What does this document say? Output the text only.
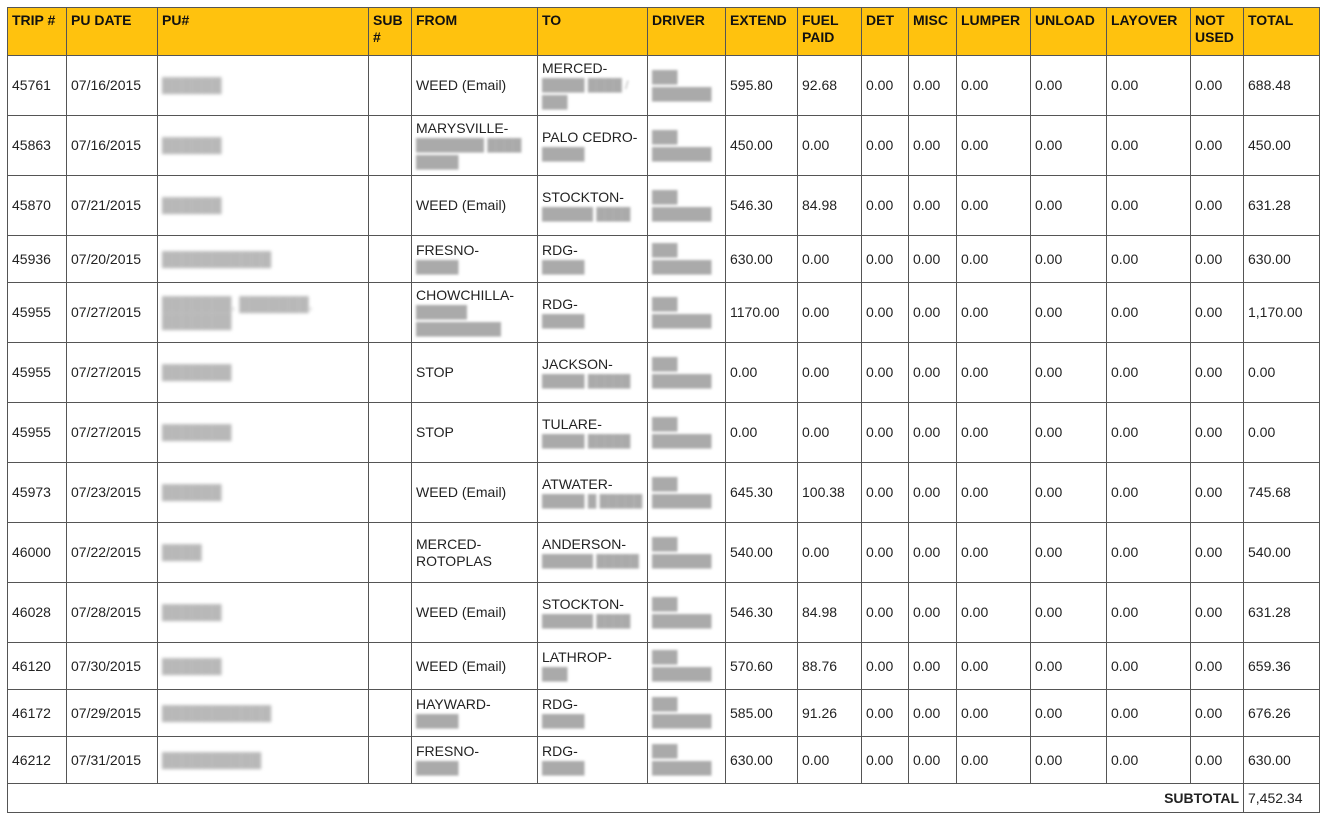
TRIP #	PU DATE	PU#	SUB #	FROM	TO	DRIVER	EXTEND	FUEL PAID	DET	MISC	LUMPER	UNLOAD	LAYOVER	NOT USED	TOTAL

45761	07/16/2015	██████		WEED (Email)	MERCED-
█████ ████ / ███	███ ███████	595.80	92.68	0.00	0.00	0.00	0.00	0.00	0.00	688.48

45863	07/16/2015	██████		MARYSVILLE-
████████ ████ █████	PALO CEDRO-
█████	███ ███████	450.00	0.00	0.00	0.00	0.00	0.00	0.00	0.00	450.00

45870	07/21/2015	██████		WEED (Email)	STOCKTON-
██████ ████	███ ███████	546.30	84.98	0.00	0.00	0.00	0.00	0.00	0.00	631.28

45936	07/20/2015	███████████		FRESNO-
█████	RDG-
█████	███ ███████	630.00	0.00	0.00	0.00	0.00	0.00	0.00	0.00	630.00

45955	07/27/2015	███████, ███████, ███████		CHOWCHILLA-
██████ ██████████	RDG-
█████	███ ███████	1170.00	0.00	0.00	0.00	0.00	0.00	0.00	0.00	1,170.00

45955	07/27/2015	███████		STOP	JACKSON-
█████ █████	███ ███████	0.00	0.00	0.00	0.00	0.00	0.00	0.00	0.00	0.00

45955	07/27/2015	███████		STOP	TULARE-
█████ █████	███ ███████	0.00	0.00	0.00	0.00	0.00	0.00	0.00	0.00	0.00

45973	07/23/2015	██████		WEED (Email)	ATWATER-
█████ █ █████	███ ███████	645.30	100.38	0.00	0.00	0.00	0.00	0.00	0.00	745.68

46000	07/22/2015	████		MERCED-ROTOPLAS	ANDERSON-
██████ █████	███ ███████	540.00	0.00	0.00	0.00	0.00	0.00	0.00	0.00	540.00

46028	07/28/2015	██████		WEED (Email)	STOCKTON-
██████ ████	███ ███████	546.30	84.98	0.00	0.00	0.00	0.00	0.00	0.00	631.28

46120	07/30/2015	██████		WEED (Email)	LATHROP-
███	███ ███████	570.60	88.76	0.00	0.00	0.00	0.00	0.00	0.00	659.36

46172	07/29/2015	███████████		HAYWARD-
█████	RDG-
█████	███ ███████	585.00	91.26	0.00	0.00	0.00	0.00	0.00	0.00	676.26

46212	07/31/2015	██████████		FRESNO-
█████	RDG-
█████	███ ███████	630.00	0.00	0.00	0.00	0.00	0.00	0.00	0.00	630.00

SUBTOTAL															7,452.34
